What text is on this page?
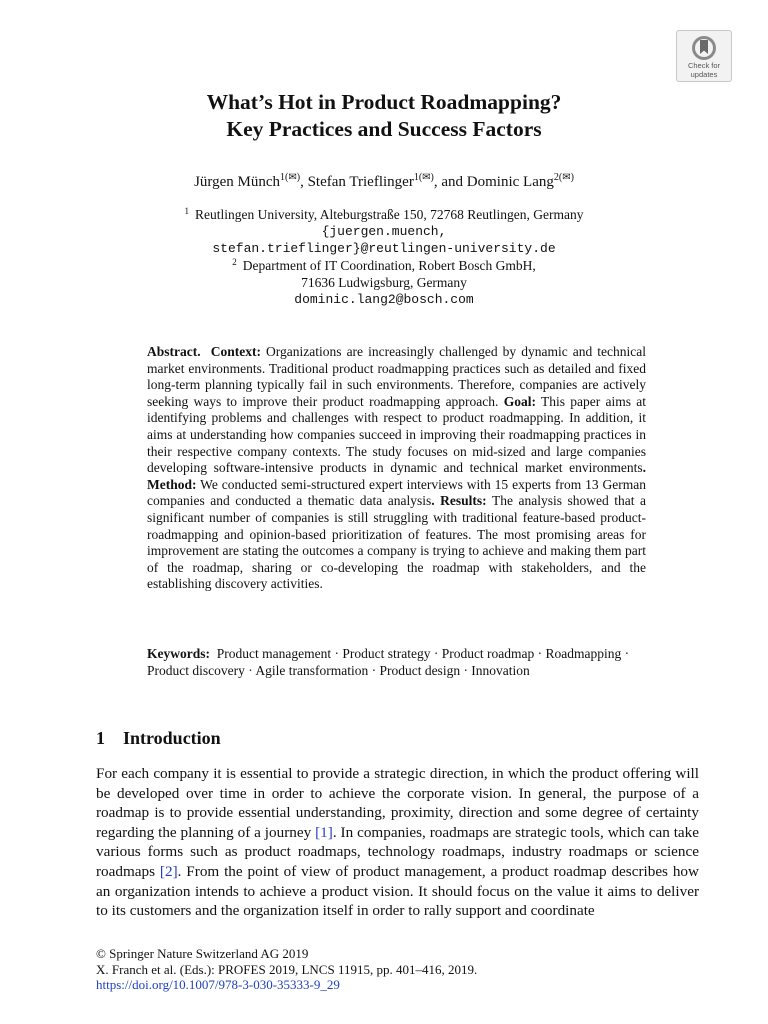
Check for
updates
What’s Hot in Product Roadmapping?
Key Practices and Success Factors
Jürgen Münch$^{1(✉)}$, Stefan Trieflinger$^{1(✉)}$, and Dominic Lang$^{2(✉)}$
$^1$ Reutlingen University, Alteburgstraße 150, 72768 Reutlingen, Germany
{juergen.muench,
stefan.trieflinger}@reutlingen-university.de
$^2$ Department of IT Coordination, Robert Bosch GmbH,
71636 Ludwigsburg, Germany
dominic.lang2@bosch.com
Abstract. Context: Organizations are increasingly challenged by dynamic and technical market environments. Traditional product roadmapping practices such as detailed and fixed long-term planning typically fail in such environments. Therefore, companies are actively seeking ways to improve their product roadmapping approach. Goal: This paper aims at identifying problems and challenges with respect to product roadmapping. In addition, it aims at understanding how companies succeed in improving their roadmapping practices in their respective company contexts. The study focuses on mid-sized and large companies developing software-intensive products in dynamic and technical market environments. Method: We conducted semi-structured expert interviews with 15 experts from 13 German companies and conducted a thematic data analysis. Results: The analysis showed that a significant number of companies is still struggling with traditional feature-based product-roadmapping and opinion-based prioritization of features. The most promising areas for improvement are stating the outcomes a company is trying to achieve and making them part of the roadmap, sharing or co-developing the roadmap with stakeholders, and the establishing discovery activities.
Keywords: Product management · Product strategy · Product roadmap · Roadmapping · Product discovery · Agile transformation · Product design · Innovation
1 Introduction
For each company it is essential to provide a strategic direction, in which the product offering will be developed over time in order to achieve the corporate vision. In general, the purpose of a roadmap is to provide essential understanding, proximity, direction and some degree of certainty regarding the planning of a journey [1]. In companies, roadmaps are strategic tools, which can take various forms such as product roadmaps, technology roadmaps, industry roadmaps or science roadmaps [2]. From the point of view of product management, a product roadmap describes how an organization intends to achieve a product vision. It should focus on the value it aims to deliver to its customers and the organization itself in order to rally support and coordinate
© Springer Nature Switzerland AG 2019
X. Franch et al. (Eds.): PROFES 2019, LNCS 11915, pp. 401–416, 2019.
https://doi.org/10.1007/978-3-030-35333-9_29
